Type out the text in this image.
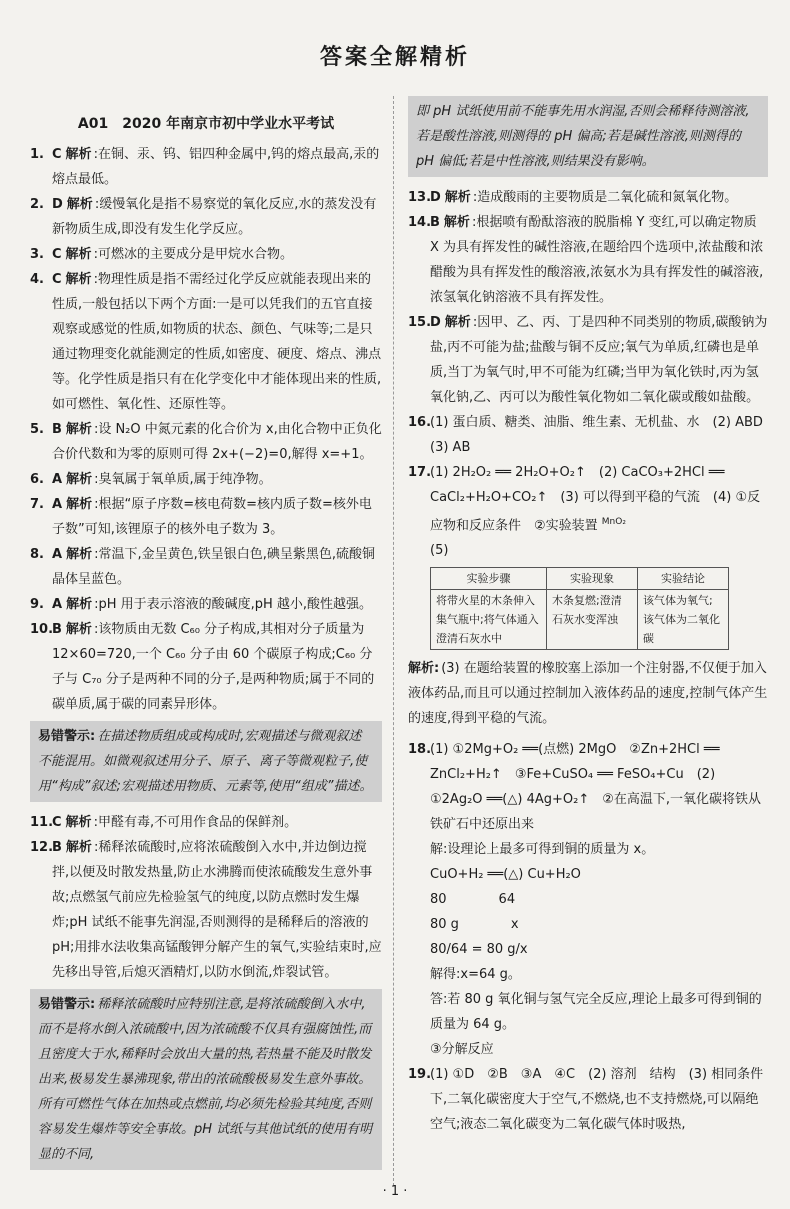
答案全解精析
A01　2020 年南京市初中学业水平考试
1. C 解析 :在铜、汞、钨、铝四种金属中,钨的熔点最高,汞的熔点最低。
2. D 解析 :缓慢氧化是指不易察觉的氧化反应,水的蒸发没有新物质生成,即没有发生化学反应。
3. C 解析 :可燃冰的主要成分是甲烷水合物。
4. C 解析 :物理性质是指不需经过化学反应就能表现出来的性质,一般包括以下两个方面:一是可以凭我们的五官直接观察或感觉的性质,如物质的状态、颜色、气味等;二是只通过物理变化就能测定的性质,如密度、硬度、熔点、沸点等。化学性质是指只有在化学变化中才能体现出来的性质,如可燃性、氧化性、还原性等。
5. B 解析 :设 N₂O 中氮元素的化合价为 x,由化合物中正负化合价代数和为零的原则可得 2x+(−2)=0,解得 x=+1。
6. A 解析 :臭氧属于氧单质,属于纯净物。
7. A 解析 :根据“原子序数=核电荷数=核内质子数=核外电子数”可知,该锂原子的核外电子数为 3。
8. A 解析 :常温下,金呈黄色,铁呈银白色,碘呈紫黑色,硫酸铜晶体呈蓝色。
9. A 解析 :pH 用于表示溶液的酸碱度,pH 越小,酸性越强。
10.
B 解析 :该物质由无数 C₆₀ 分子构成,其相对分子质量为 12×60=720,一个 C₆₀ 分子由 60 个碳原子构成;C₆₀ 分子与 C₇₀ 分子是两种不同的分子,是两种物质;属于不同的碳单质,属于碳的同素异形体。
易错警示: 在描述物质组成或构成时,宏观描述与微观叙述不能混用。如微观叙述用分子、原子、离子等微观粒子,使用“构成”叙述;宏观描述用物质、元素等,使用“组成”描述。
11.
C 解析 :甲醛有毒,不可用作食品的保鲜剂。
12.
B 解析 :稀释浓硫酸时,应将浓硫酸倒入水中,并边倒边搅拌,以便及时散发热量,防止水沸腾而使浓硫酸发生意外事故;点燃氢气前应先检验氢气的纯度,以防点燃时发生爆炸;pH 试纸不能事先润湿,否则测得的是稀释后的溶液的 pH;用排水法收集高锰酸钾分解产生的氧气,实验结束时,应先移出导管,后熄灭酒精灯,以防水倒流,炸裂试管。
易错警示: 稀释浓硫酸时应特别注意,是将浓硫酸倒入水中,而不是将水倒入浓硫酸中,因为浓硫酸不仅具有强腐蚀性,而且密度大于水,稀释时会放出大量的热,若热量不能及时散发出来,极易发生暴沸现象,带出的浓硫酸极易发生意外事故。所有可燃性气体在加热或点燃前,均必须先检验其纯度,否则容易发生爆炸等安全事故。pH 试纸与其他试纸的使用有明显的不同,
即 pH 试纸使用前不能事先用水润湿,否则会稀释待测溶液,若是酸性溶液,则测得的 pH 偏高;若是碱性溶液,则测得的 pH 偏低;若是中性溶液,则结果没有影响。
13.
D 解析 :造成酸雨的主要物质是二氧化硫和氮氧化物。
14.
B 解析 :根据喷有酚酞溶液的脱脂棉 Y 变红,可以确定物质 X 为具有挥发性的碱性溶液,在题给四个选项中,浓盐酸和浓醋酸为具有挥发性的酸溶液,浓氨水为具有挥发性的碱溶液,浓氢氧化钠溶液不具有挥发性。
15.
D 解析 :因甲、乙、丙、丁是四种不同类别的物质,碳酸钠为盐,丙不可能为盐;盐酸与铜不反应;氧气为单质,红磷也是单质,当丁为氧气时,甲不可能为红磷;当甲为氧化铁时,丙为氢氧化钠,乙、丙可以为酸性氧化物如二氧化碳或酸如盐酸。
16.
(1) 蛋白质、糖类、油脂、维生素、无机盐、水　(2) ABD
(3) AB
17.
(1) 2H₂O₂ ══ 2H₂O+O₂↑　(2) CaCO₃+2HCl ══ CaCl₂+H₂O+CO₂↑　(3) 可以得到平稳的气流　(4) ①反应物和反应条件　②实验装置 $^{MnO_2}$
(5)
实验步骤	实验现象	实验结论
将带火星的木条伸入集气瓶中;将气体通入澄清石灰水中	木条复燃;澄清石灰水变浑浊	该气体为氧气;该气体为二氧化碳
解析: (3) 在题给装置的橡胶塞上添加一个注射器,不仅便于加入液体药品,而且可以通过控制加入液体药品的速度,控制气体产生的速度,得到平稳的气流。
18.
(1) ①2Mg+O₂ ══(点燃) 2MgO　②Zn+2HCl ══ ZnCl₂+H₂↑　③Fe+CuSO₄ ══ FeSO₄+Cu　(2) ①2Ag₂O ══(△) 4Ag+O₂↑　②在高温下,一氧化碳将铁从铁矿石中还原出来
解:设理论上最多可得到铜的质量为 x。
CuO+H₂ ══(△) Cu+H₂O
80　　　　64
80 g　　　　x
80/64 = 80 g/x
解得:x=64 g。
答:若 80 g 氧化铜与氢气完全反应,理论上最多可得到铜的质量为 64 g。
③分解反应
19.
(1) ①D　②B　③A　④C　(2) 溶剂　结构　(3) 相同条件下,二氧化碳密度大于空气,不燃烧,也不支持燃烧,可以隔绝空气;液态二氧化碳变为二氧化碳气体时吸热,
· 1 ·
